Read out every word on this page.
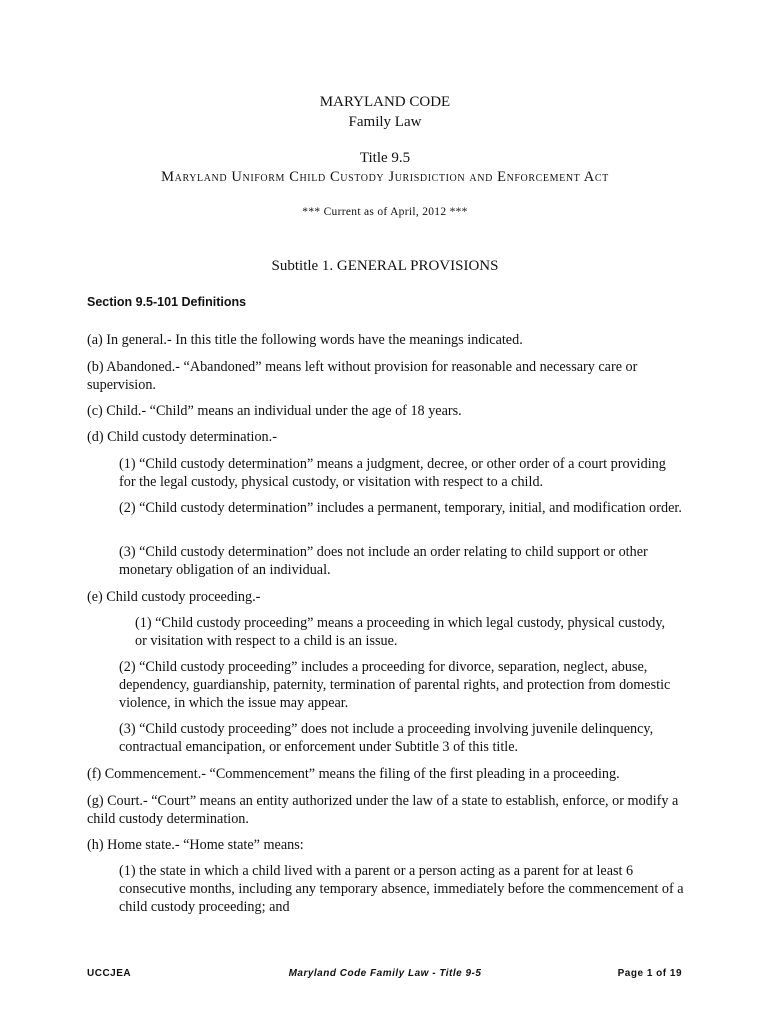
MARYLAND CODE
Family Law
Title 9.5
Maryland Uniform Child Custody Jurisdiction and Enforcement Act
*** Current as of April, 2012 ***
Subtitle 1. GENERAL PROVISIONS
Section 9.5-101 Definitions
(a) In general.- In this title the following words have the meanings indicated.
(b) Abandoned.- “Abandoned” means left without provision for reasonable and necessary care or supervision.
(c) Child.- “Child” means an individual under the age of 18 years.
(d) Child custody determination.-
(1) “Child custody determination” means a judgment, decree, or other order of a court providing for the legal custody, physical custody, or visitation with respect to a child.
(2) “Child custody determination” includes a permanent, temporary, initial, and modification order.
(3) “Child custody determination” does not include an order relating to child support or other monetary obligation of an individual.
(e) Child custody proceeding.-
(1) “Child custody proceeding” means a proceeding in which legal custody, physical custody, or visitation with respect to a child is an issue.
(2) “Child custody proceeding” includes a proceeding for divorce, separation, neglect, abuse, dependency, guardianship, paternity, termination of parental rights, and protection from domestic violence, in which the issue may appear.
(3) “Child custody proceeding” does not include a proceeding involving juvenile delinquency, contractual emancipation, or enforcement under Subtitle 3 of this title.
(f) Commencement.- “Commencement” means the filing of the first pleading in a proceeding.
(g) Court.- “Court” means an entity authorized under the law of a state to establish, enforce, or modify a child custody determination.
(h) Home state.- “Home state” means:
(1) the state in which a child lived with a parent or a person acting as a parent for at least 6 consecutive months, including any temporary absence, immediately before the commencement of a child custody proceeding; and
UCCJEA	Maryland Code Family Law - Title 9-5	Page 1 of 19
